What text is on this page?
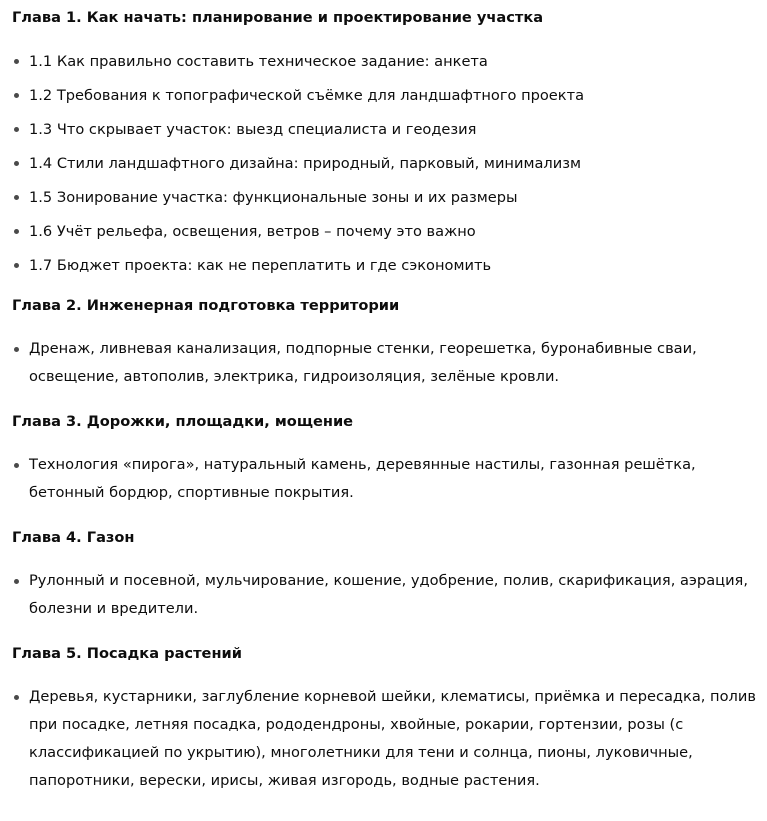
Глава 1. Как начать: планирование и проектирование участка
1.1 Как правильно составить техническое задание: анкета
1.2 Требования к топографической съёмке для ландшафтного проекта
1.3 Что скрывает участок: выезд специалиста и геодезия
1.4 Стили ландшафтного дизайна: природный, парковый, минимализм
1.5 Зонирование участка: функциональные зоны и их размеры
1.6 Учёт рельефа, освещения, ветров – почему это важно
1.7 Бюджет проекта: как не переплатить и где сэкономить
Глава 2. Инженерная подготовка территории
Дренаж, ливневая канализация, подпорные стенки, георешетка, буронабивные сваи, освещение, автополив, электрика, гидроизоляция, зелёные кровли.
Глава 3. Дорожки, площадки, мощение
Технология «пирога», натуральный камень, деревянные настилы, газонная решётка, бетонный бордюр, спортивные покрытия.
Глава 4. Газон
Рулонный и посевной, мульчирование, кошение, удобрение, полив, скарификация, аэрация, болезни и вредители.
Глава 5. Посадка растений
Деревья, кустарники, заглубление корневой шейки, клематисы, приёмка и пересадка, полив при посадке, летняя посадка, рододендроны, хвойные, рокарии, гортензии, розы (с классификацией по укрытию), многолетники для тени и солнца, пионы, луковичные, папоротники, верески, ирисы, живая изгородь, водные растения.
